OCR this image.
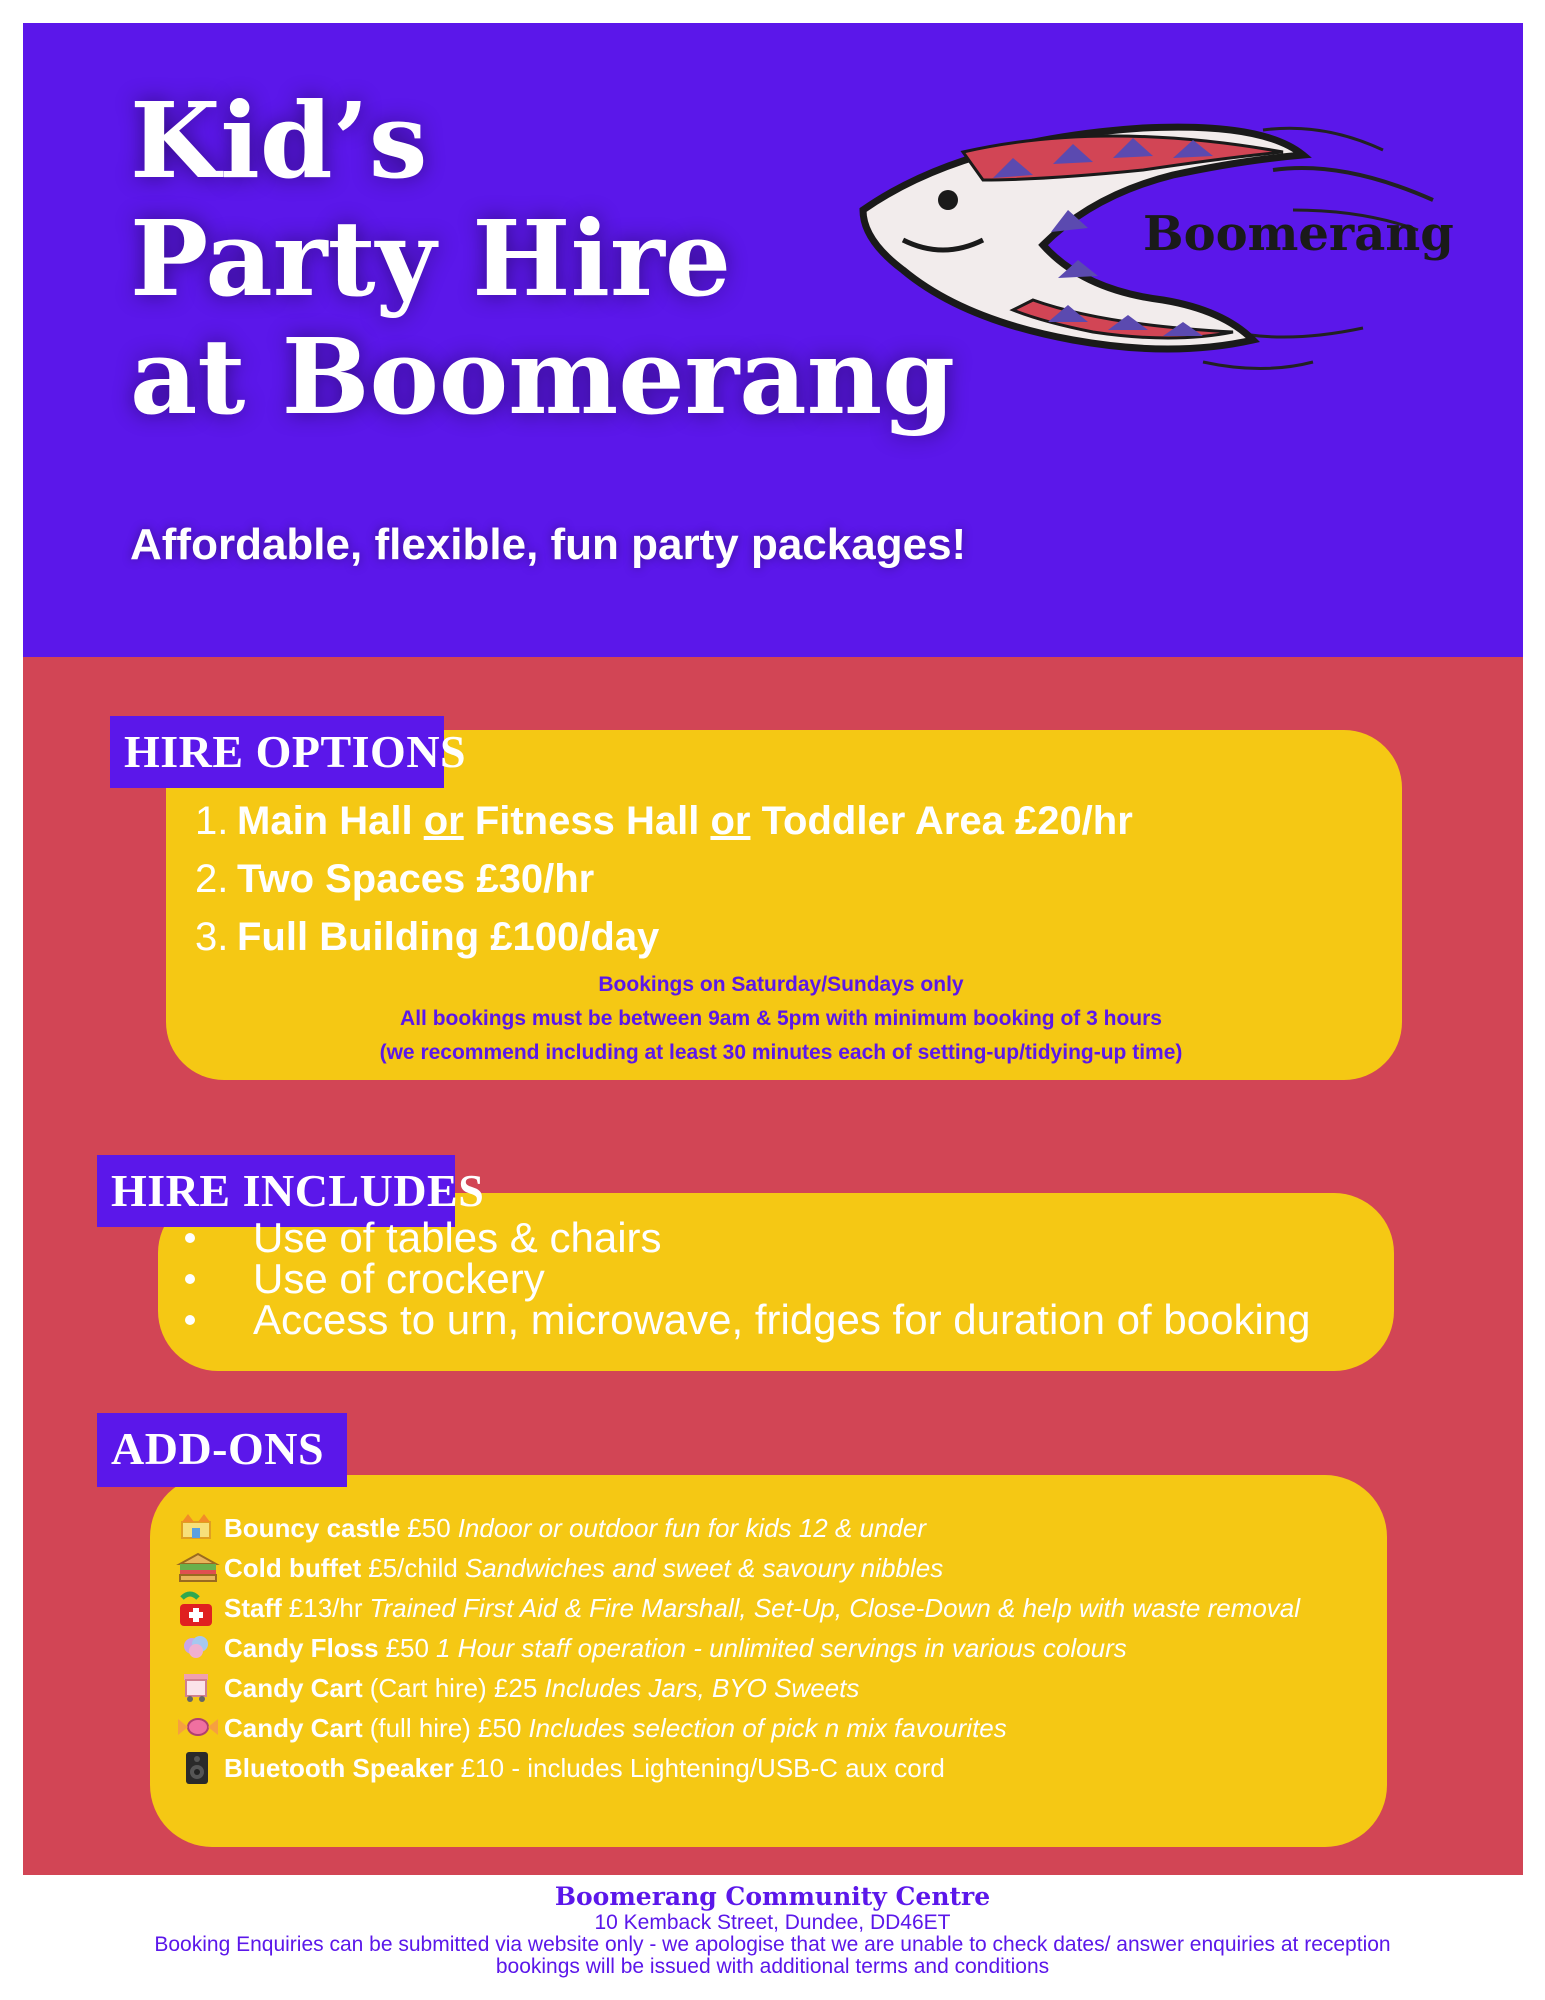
Kid’s
Party Hire
at Boomerang
Affordable, flexible, fun party packages!
Boomerang
HIRE OPTIONS
1. Main Hall or Fitness Hall or Toddler Area £20/hr
2. Two Spaces £30/hr
3. Full Building £100/day
Bookings on Saturday/Sundays only
All bookings must be between 9am & 5pm with minimum booking of 3 hours
(we recommend including at least 30 minutes each of setting-up/tidying-up time)
HIRE INCLUDES
Use of tables & chairs
Use of crockery
Access to urn, microwave, fridges for duration of booking
ADD-ONS
Bouncy castle £50 Indoor or outdoor fun for kids 12 & under
Cold buffet £5/child Sandwiches and sweet & savoury nibbles
Staff £13/hr Trained First Aid & Fire Marshall, Set-Up, Close-Down & help with waste removal
Candy Floss £50 1 Hour staff operation - unlimited servings in various colours
Candy Cart (Cart hire) £25 Includes Jars, BYO Sweets
Candy Cart (full hire) £50 Includes selection of pick n mix favourites
Bluetooth Speaker £10 - includes Lightening/USB-C aux cord
Boomerang Community Centre
10 Kemback Street, Dundee, DD46ET
Booking Enquiries can be submitted via website only - we apologise that we are unable to check dates/ answer enquiries at reception
bookings will be issued with additional terms and conditions
